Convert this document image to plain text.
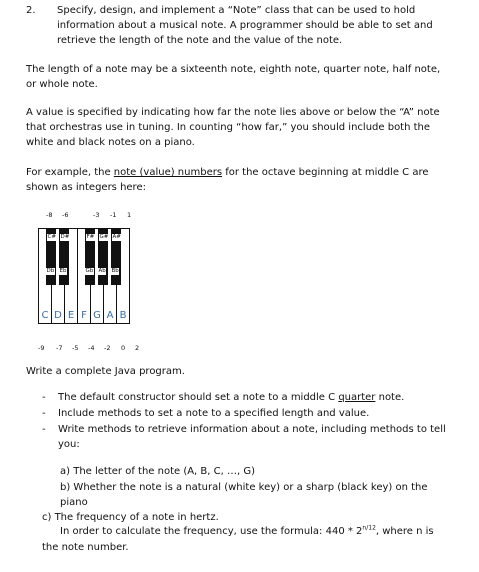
2. Specify, design, and implement a “Note” class that can be used to hold information about a musical note. A programmer should be able to set and retrieve the length of the note and the value of the note.
The length of a note may be a sixteenth note, eighth note, quarter note, half note, or whole note.
A value is specified by indicating how far the note lies above or below the “A” note that orchestras use in tuning. In counting “how far,” you should include both the white and black notes on a piano.
For example, the note (value) numbers for the octave beginning at middle C are shown as integers here:
-8 -6	-3 -1 1
C# D#	F# G# A#
Db Eb	Gb Ab Bb
C D E F G A B
-9 -7 -5 -4 -2 0 2
Write a complete Java program.
- The default constructor should set a note to a middle C quarter note.
- Include methods to set a note to a specified length and value.
- Write methods to retrieve information about a note, including methods to tell you:
a) The letter of the note (A, B, C, …, G)
b) Whether the note is a natural (white key) or a sharp (black key) on the piano
c) The frequency of a note in hertz.
In order to calculate the frequency, use the formula: $440 * 2^{n/12}$, where n is
the note number.
